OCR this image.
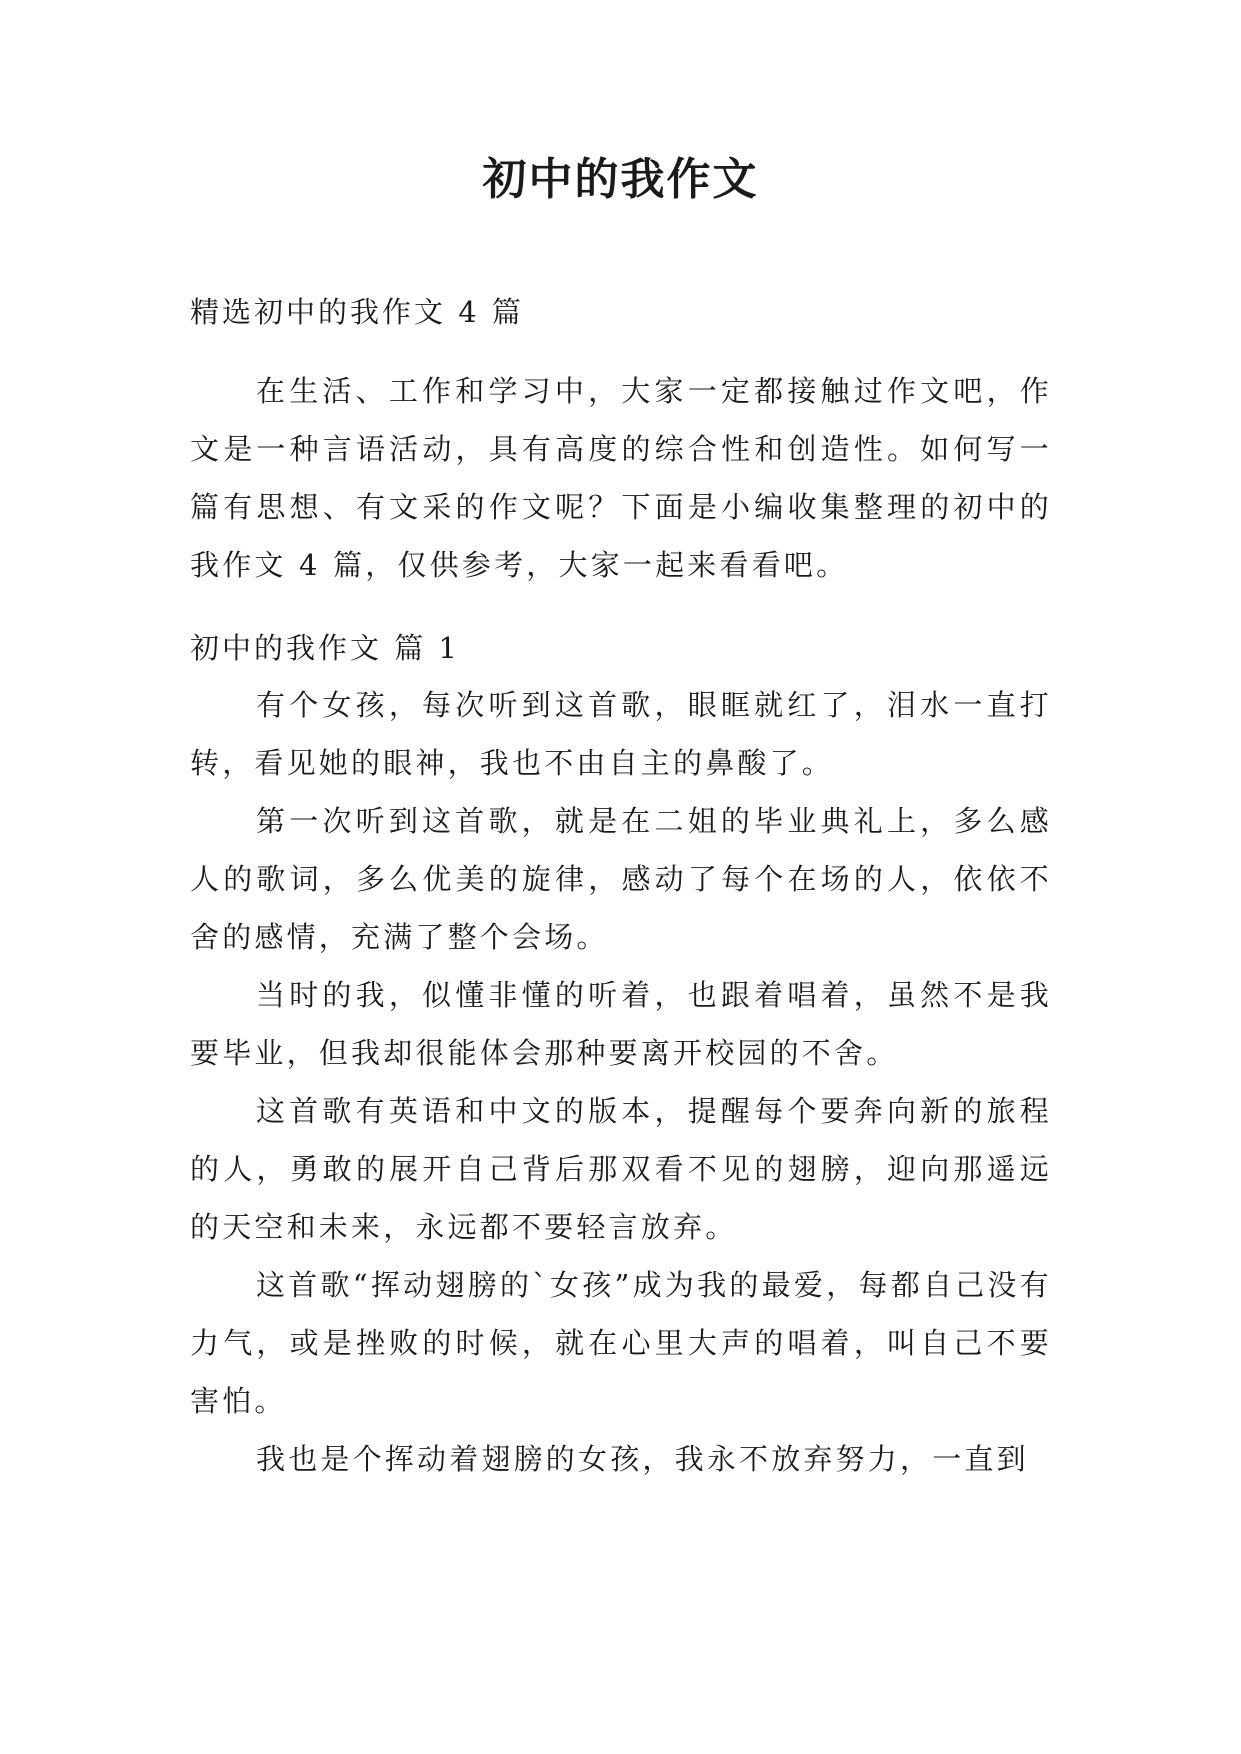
初中的我作文

精选初中的我作文 4 篇

在生活、工作和学习中，大家一定都接触过作文吧，作文是一种言语活动，具有高度的综合性和创造性。如何写一篇有思想、有文采的作文呢？下面是小编收集整理的初中的我作文 4 篇，仅供参考，大家一起来看看吧。

初中的我作文 篇 1

有个女孩，每次听到这首歌，眼眶就红了，泪水一直打转，看见她的眼神，我也不由自主的鼻酸了。

第一次听到这首歌，就是在二姐的毕业典礼上，多么感人的歌词，多么优美的旋律，感动了每个在场的人，依依不舍的感情，充满了整个会场。

当时的我，似懂非懂的听着，也跟着唱着，虽然不是我要毕业，但我却很能体会那种要离开校园的不舍。

这首歌有英语和中文的版本，提醒每个要奔向新的旅程的人，勇敢的展开自己背后那双看不见的翅膀，迎向那遥远的天空和未来，永远都不要轻言放弃。

这首歌“挥动翅膀的`女孩”成为我的最爱，每都自己没有力气，或是挫败的时候，就在心里大声的唱着，叫自己不要害怕。

我也是个挥动着翅膀的女孩，我永不放弃努力，一直到
